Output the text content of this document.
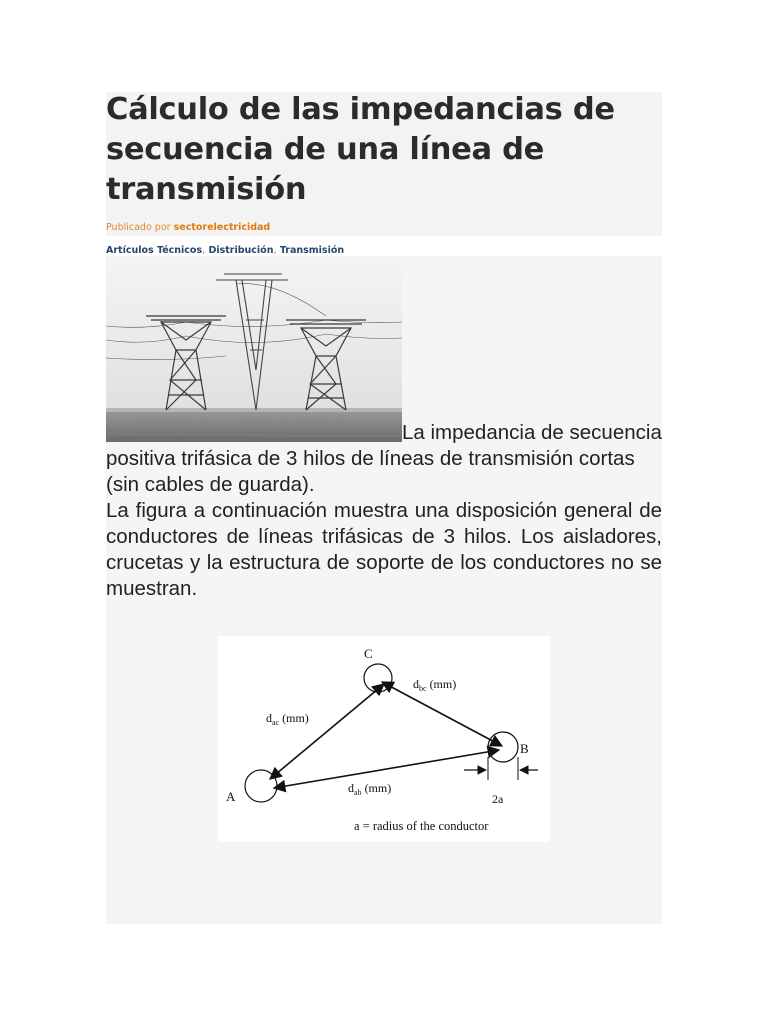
Cálculo de las impedancias de secuencia de una línea de transmisión
Publicado por sectorelectricidad
Artículos Técnicos, Distribución, Transmisión

La impedancia de secuencia positiva trifásica de 3 hilos de líneas de transmisión cortas (sin cables de guarda).

La figura a continuación muestra una disposición general de conductores de líneas trifásicas de 3 hilos. Los aisladores, crucetas y la estructura de soporte de los conductores no se muestran.

C
B
A
$d_{bc}$ (mm)
$d_{ac}$ (mm)
$d_{ab}$ (mm)
2a
a = radius of the conductor
